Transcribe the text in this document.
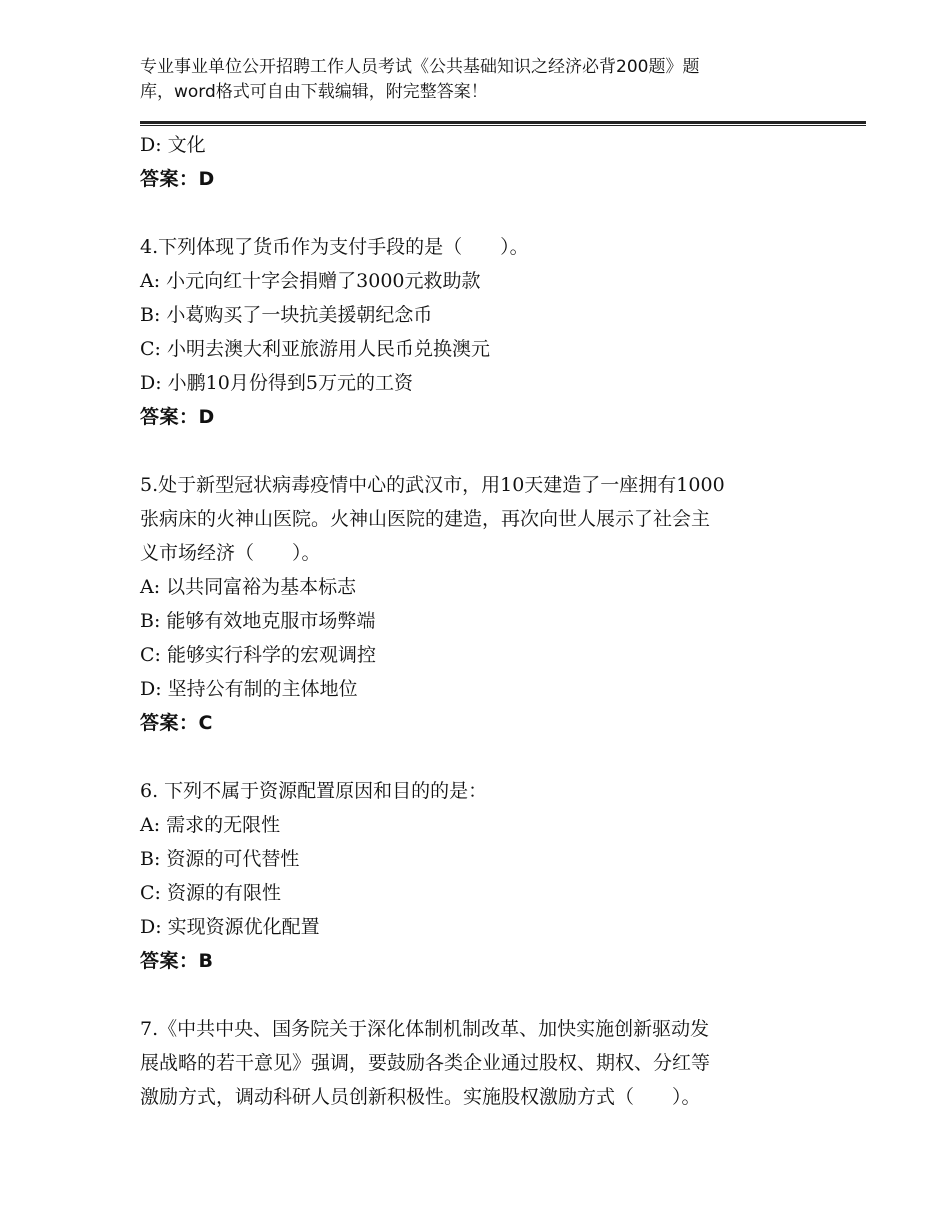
专业事业单位公开招聘工作人员考试《公共基础知识之经济必背200题》题
库，word格式可自由下载编辑，附完整答案！
D: 文化
答案：D
4.下列体现了货币作为支付手段的是（　　）。
A: 小元向红十字会捐赠了3000元救助款
B: 小葛购买了一块抗美援朝纪念币
C: 小明去澳大利亚旅游用人民币兑换澳元
D: 小鹏10月份得到5万元的工资
答案：D
5.处于新型冠状病毒疫情中心的武汉市，用10天建造了一座拥有1000
张病床的火神山医院。火神山医院的建造，再次向世人展示了社会主
义市场经济（　　）。
A: 以共同富裕为基本标志
B: 能够有效地克服市场弊端
C: 能够实行科学的宏观调控
D: 坚持公有制的主体地位
答案：C
6. 下列不属于资源配置原因和目的的是：
A: 需求的无限性
B: 资源的可代替性
C: 资源的有限性
D: 实现资源优化配置
答案：B
7.《中共中央、国务院关于深化体制机制改革、加快实施创新驱动发
展战略的若干意见》强调，要鼓励各类企业通过股权、期权、分红等
激励方式，调动科研人员创新积极性。实施股权激励方式（　　）。
